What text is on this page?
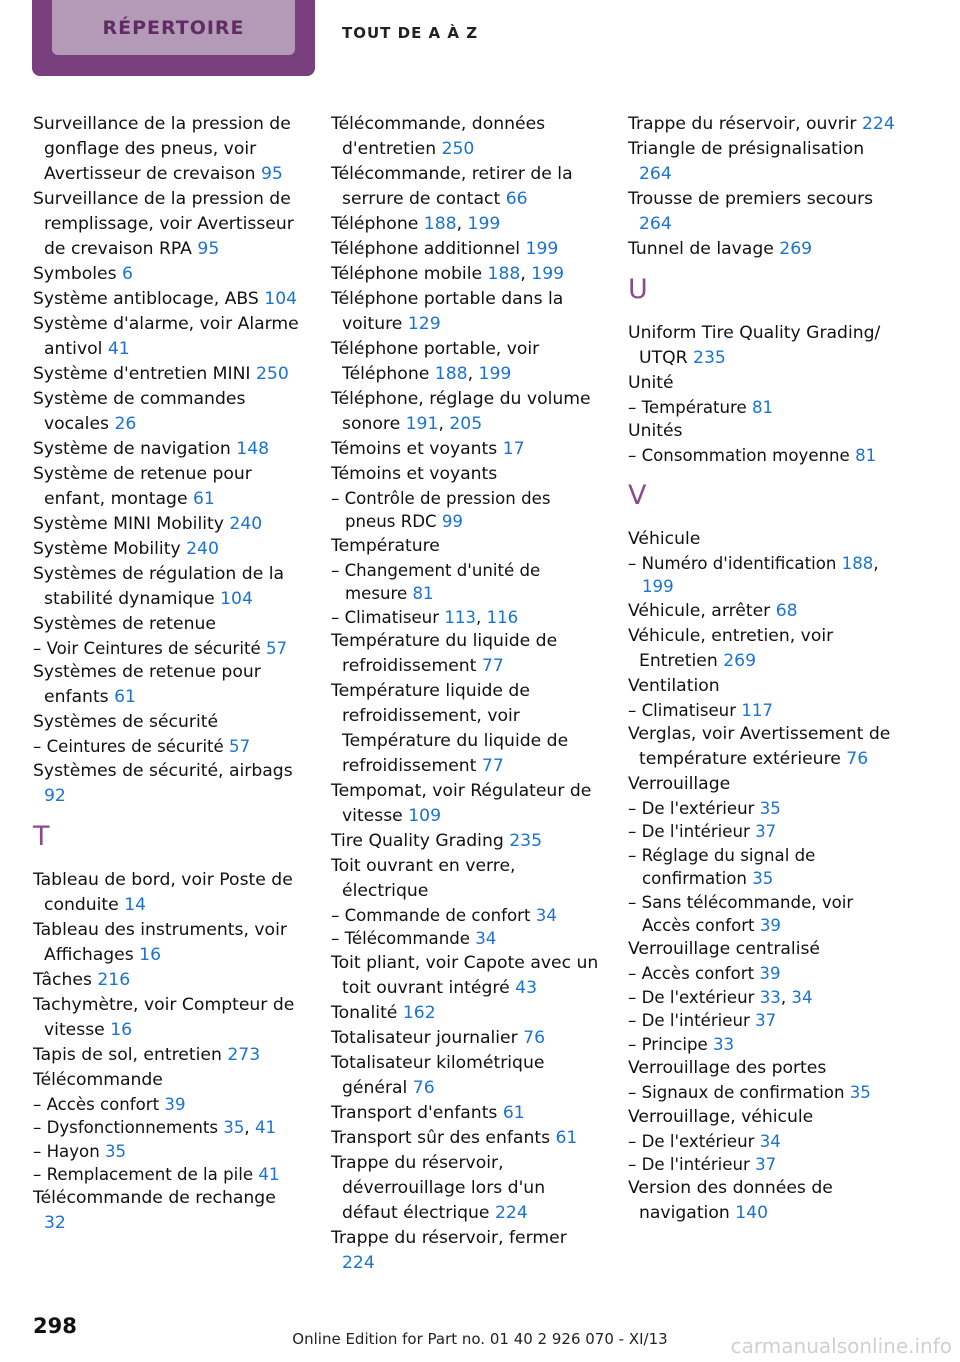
RÉPERTOIRE	TOUT DE A À Z
Surveillance de la pression de gonflage des pneus, voir Avertisseur de crevaison 95
Surveillance de la pression de remplissage, voir Avertisseur de crevaison RPA 95
Symboles 6
Système antiblocage, ABS 104
Système d'alarme, voir Alarme antivol 41
Système d'entretien MINI 250
Système de commandes vocales 26
Système de navigation 148
Système de retenue pour enfant, montage 61
Système MINI Mobility 240
Système Mobility 240
Systèmes de régulation de la stabilité dynamique 104
Systèmes de retenue
– Voir Ceintures de sécurité 57
Systèmes de retenue pour enfants 61
Systèmes de sécurité
– Ceintures de sécurité 57
Systèmes de sécurité, airbags 92
T
Tableau de bord, voir Poste de conduite 14
Tableau des instruments, voir Affichages 16
Tâches 216
Tachymètre, voir Compteur de vitesse 16
Tapis de sol, entretien 273
Télécommande
– Accès confort 39
– Dysfonctionnements 35, 41
– Hayon 35
– Remplacement de la pile 41
Télécommande de rechange 32
Télécommande, données d'entretien 250
Télécommande, retirer de la serrure de contact 66
Téléphone 188, 199
Téléphone additionnel 199
Téléphone mobile 188, 199
Téléphone portable dans la voiture 129
Téléphone portable, voir Téléphone 188, 199
Téléphone, réglage du volume sonore 191, 205
Témoins et voyants 17
Témoins et voyants
– Contrôle de pression des pneus RDC 99
Température
– Changement d'unité de mesure 81
– Climatiseur 113, 116
Température du liquide de refroidissement 77
Température liquide de refroidissement, voir Température du liquide de refroidissement 77
Tempomat, voir Régulateur de vitesse 109
Tire Quality Grading 235
Toit ouvrant en verre, électrique
– Commande de confort 34
– Télécommande 34
Toit pliant, voir Capote avec un toit ouvrant intégré 43
Tonalité 162
Totalisateur journalier 76
Totalisateur kilométrique général 76
Transport d'enfants 61
Transport sûr des enfants 61
Trappe du réservoir, déverrouillage lors d'un défaut électrique 224
Trappe du réservoir, fermer 224
Trappe du réservoir, ouvrir 224
Triangle de présignalisation 264
Trousse de premiers secours 264
Tunnel de lavage 269
U
Uniform Tire Quality Grading/ UTQR 235
Unité
– Température 81
Unités
– Consommation moyenne 81
V
Véhicule
– Numéro d'identification 188, 199
Véhicule, arrêter 68
Véhicule, entretien, voir Entretien 269
Ventilation
– Climatiseur 117
Verglas, voir Avertissement de température extérieure 76
Verrouillage
– De l'extérieur 35
– De l'intérieur 37
– Réglage du signal de confirmation 35
– Sans télécommande, voir Accès confort 39
Verrouillage centralisé
– Accès confort 39
– De l'extérieur 33, 34
– De l'intérieur 37
– Principe 33
Verrouillage des portes
– Signaux de confirmation 35
Verrouillage, véhicule
– De l'extérieur 34
– De l'intérieur 37
Version des données de navigation 140
298
Online Edition for Part no. 01 40 2 926 070 - XI/13	carmanualsonline.info
